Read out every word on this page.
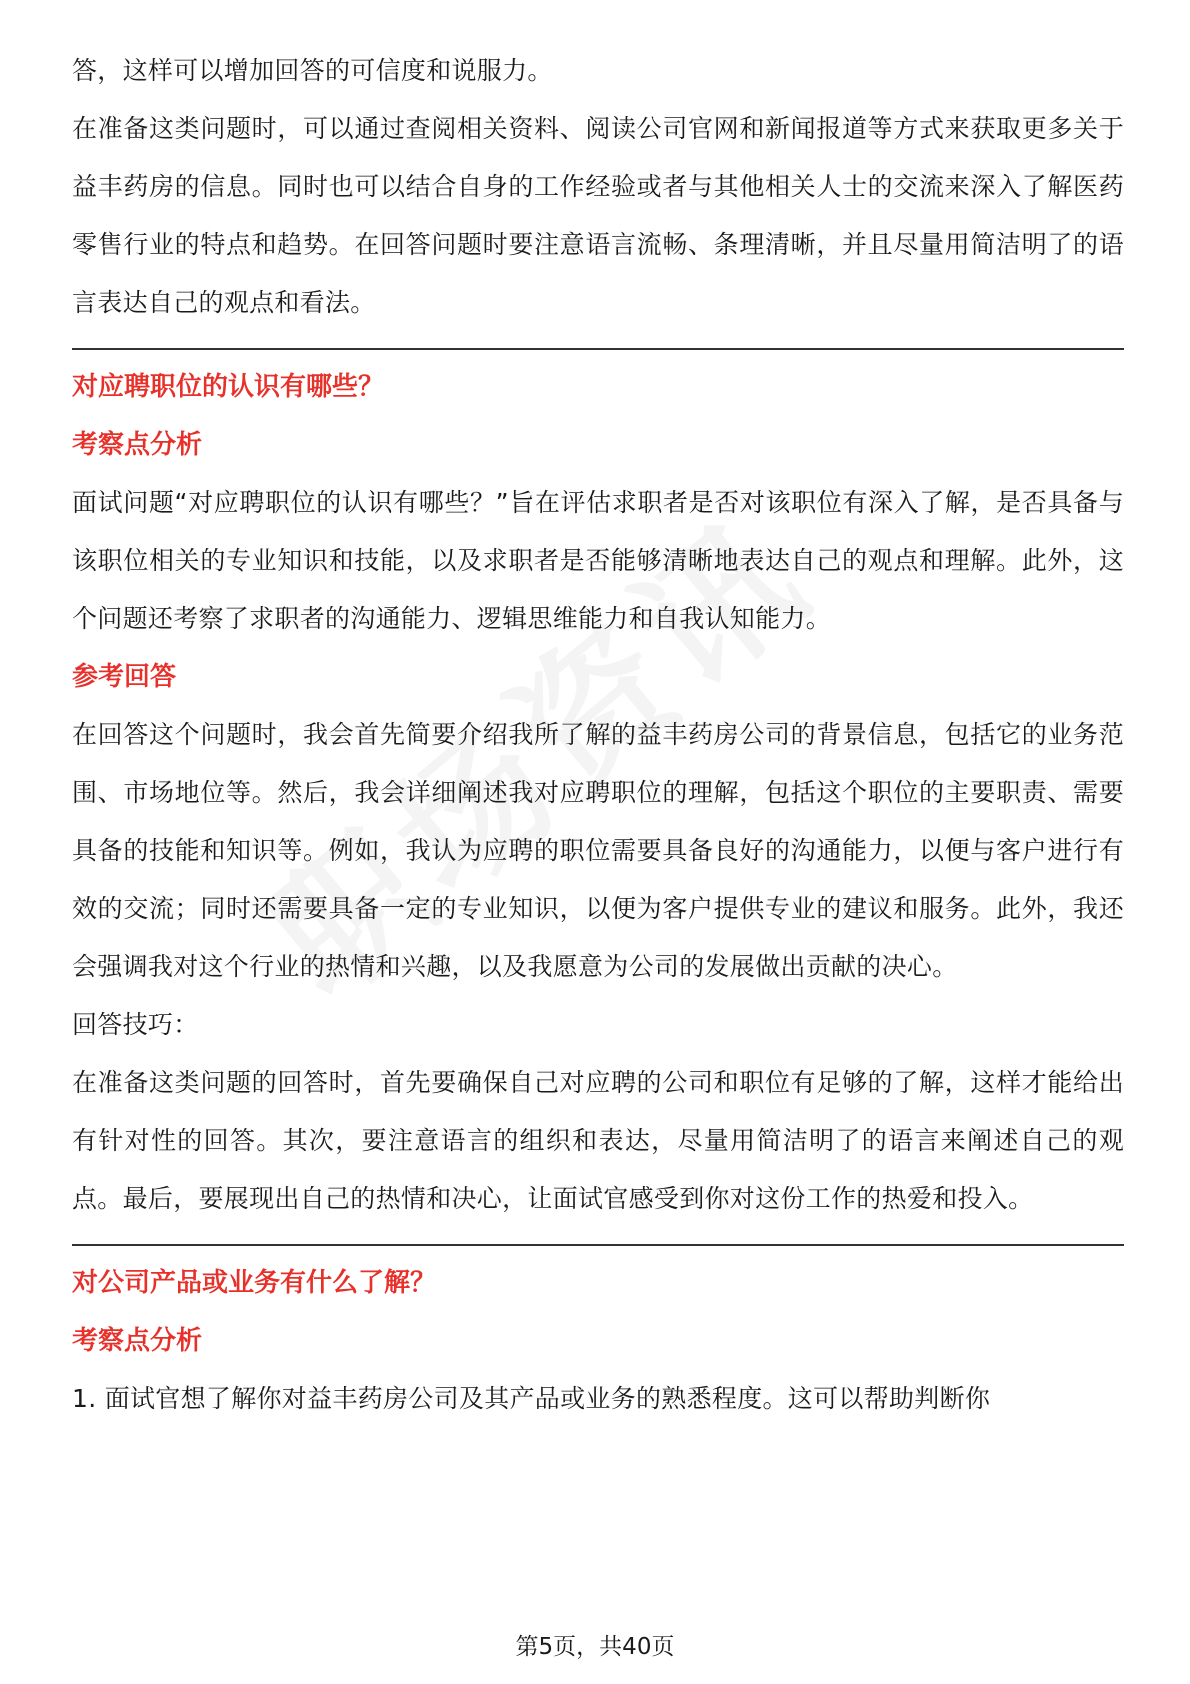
答，这样可以增加回答的可信度和说服力。

在准备这类问题时，可以通过查阅相关资料、阅读公司官网和新闻报道等方式来获取更多关于益丰药房的信息。同时也可以结合自身的工作经验或者与其他相关人士的交流来深入了解医药零售行业的特点和趋势。在回答问题时要注意语言流畅、条理清晰，并且尽量用简洁明了的语言表达自己的观点和看法。

对应聘职位的认识有哪些？
考察点分析

面试问题“对应聘职位的认识有哪些？”旨在评估求职者是否对该职位有深入了解，是否具备与该职位相关的专业知识和技能，以及求职者是否能够清晰地表达自己的观点和理解。此外，这个问题还考察了求职者的沟通能力、逻辑思维能力和自我认知能力。

参考回答

在回答这个问题时，我会首先简要介绍我所了解的益丰药房公司的背景信息，包括它的业务范围、市场地位等。然后，我会详细阐述我对应聘职位的理解，包括这个职位的主要职责、需要具备的技能和知识等。例如，我认为应聘的职位需要具备良好的沟通能力，以便与客户进行有效的交流；同时还需要具备一定的专业知识，以便为客户提供专业的建议和服务。此外，我还会强调我对这个行业的热情和兴趣，以及我愿意为公司的发展做出贡献的决心。

回答技巧：

在准备这类问题的回答时，首先要确保自己对应聘的公司和职位有足够的了解，这样才能给出有针对性的回答。其次，要注意语言的组织和表达，尽量用简洁明了的语言来阐述自己的观点。最后，要展现出自己的热情和决心，让面试官感受到你对这份工作的热爱和投入。

对公司产品或业务有什么了解？
考察点分析

1. 面试官想了解你对益丰药房公司及其产品或业务的熟悉程度。这可以帮助判断你

第5页，共40页
